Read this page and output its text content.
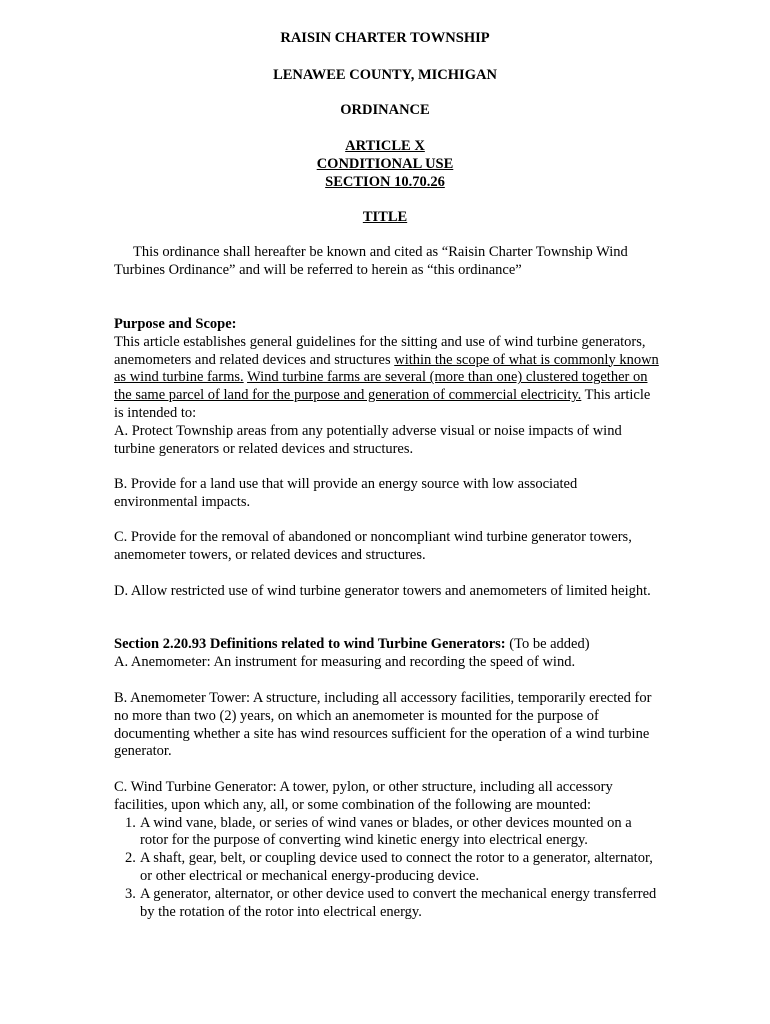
RAISIN CHARTER TOWNSHIP

LENAWEE COUNTY, MICHIGAN

ORDINANCE

ARTICLE X

CONDITIONAL USE

SECTION 10.70.26

TITLE

This ordinance shall hereafter be known and cited as “Raisin Charter Township Wind Turbines Ordinance” and will be referred to herein as “this ordinance”

Purpose and Scope:
This article establishes general guidelines for the sitting and use of wind turbine generators, anemometers and related devices and structures within the scope of what is commonly known as wind turbine farms. Wind turbine farms are several (more than one) clustered together on the same parcel of land for the purpose and generation of commercial electricity. This article is intended to:
A. Protect Township areas from any potentially adverse visual or noise impacts of wind turbine generators or related devices and structures.

B. Provide for a land use that will provide an energy source with low associated environmental impacts.

C. Provide for the removal of abandoned or noncompliant wind turbine generator towers, anemometer towers, or related devices and structures.

D. Allow restricted use of wind turbine generator towers and anemometers of limited height.

Section 2.20.93 Definitions related to wind Turbine Generators: (To be added)
A. Anemometer: An instrument for measuring and recording the speed of wind.

B. Anemometer Tower: A structure, including all accessory facilities, temporarily erected for no more than two (2) years, on which an anemometer is mounted for the purpose of documenting whether a site has wind resources sufficient for the operation of a wind turbine generator.

C. Wind Turbine Generator: A tower, pylon, or other structure, including all accessory facilities, upon which any, all, or some combination of the following are mounted:
1. A wind vane, blade, or series of wind vanes or blades, or other devices mounted on a rotor for the purpose of converting wind kinetic energy into electrical energy.
2. A shaft, gear, belt, or coupling device used to connect the rotor to a generator, alternator, or other electrical or mechanical energy-producing device.
3. A generator, alternator, or other device used to convert the mechanical energy transferred by the rotation of the rotor into electrical energy.
